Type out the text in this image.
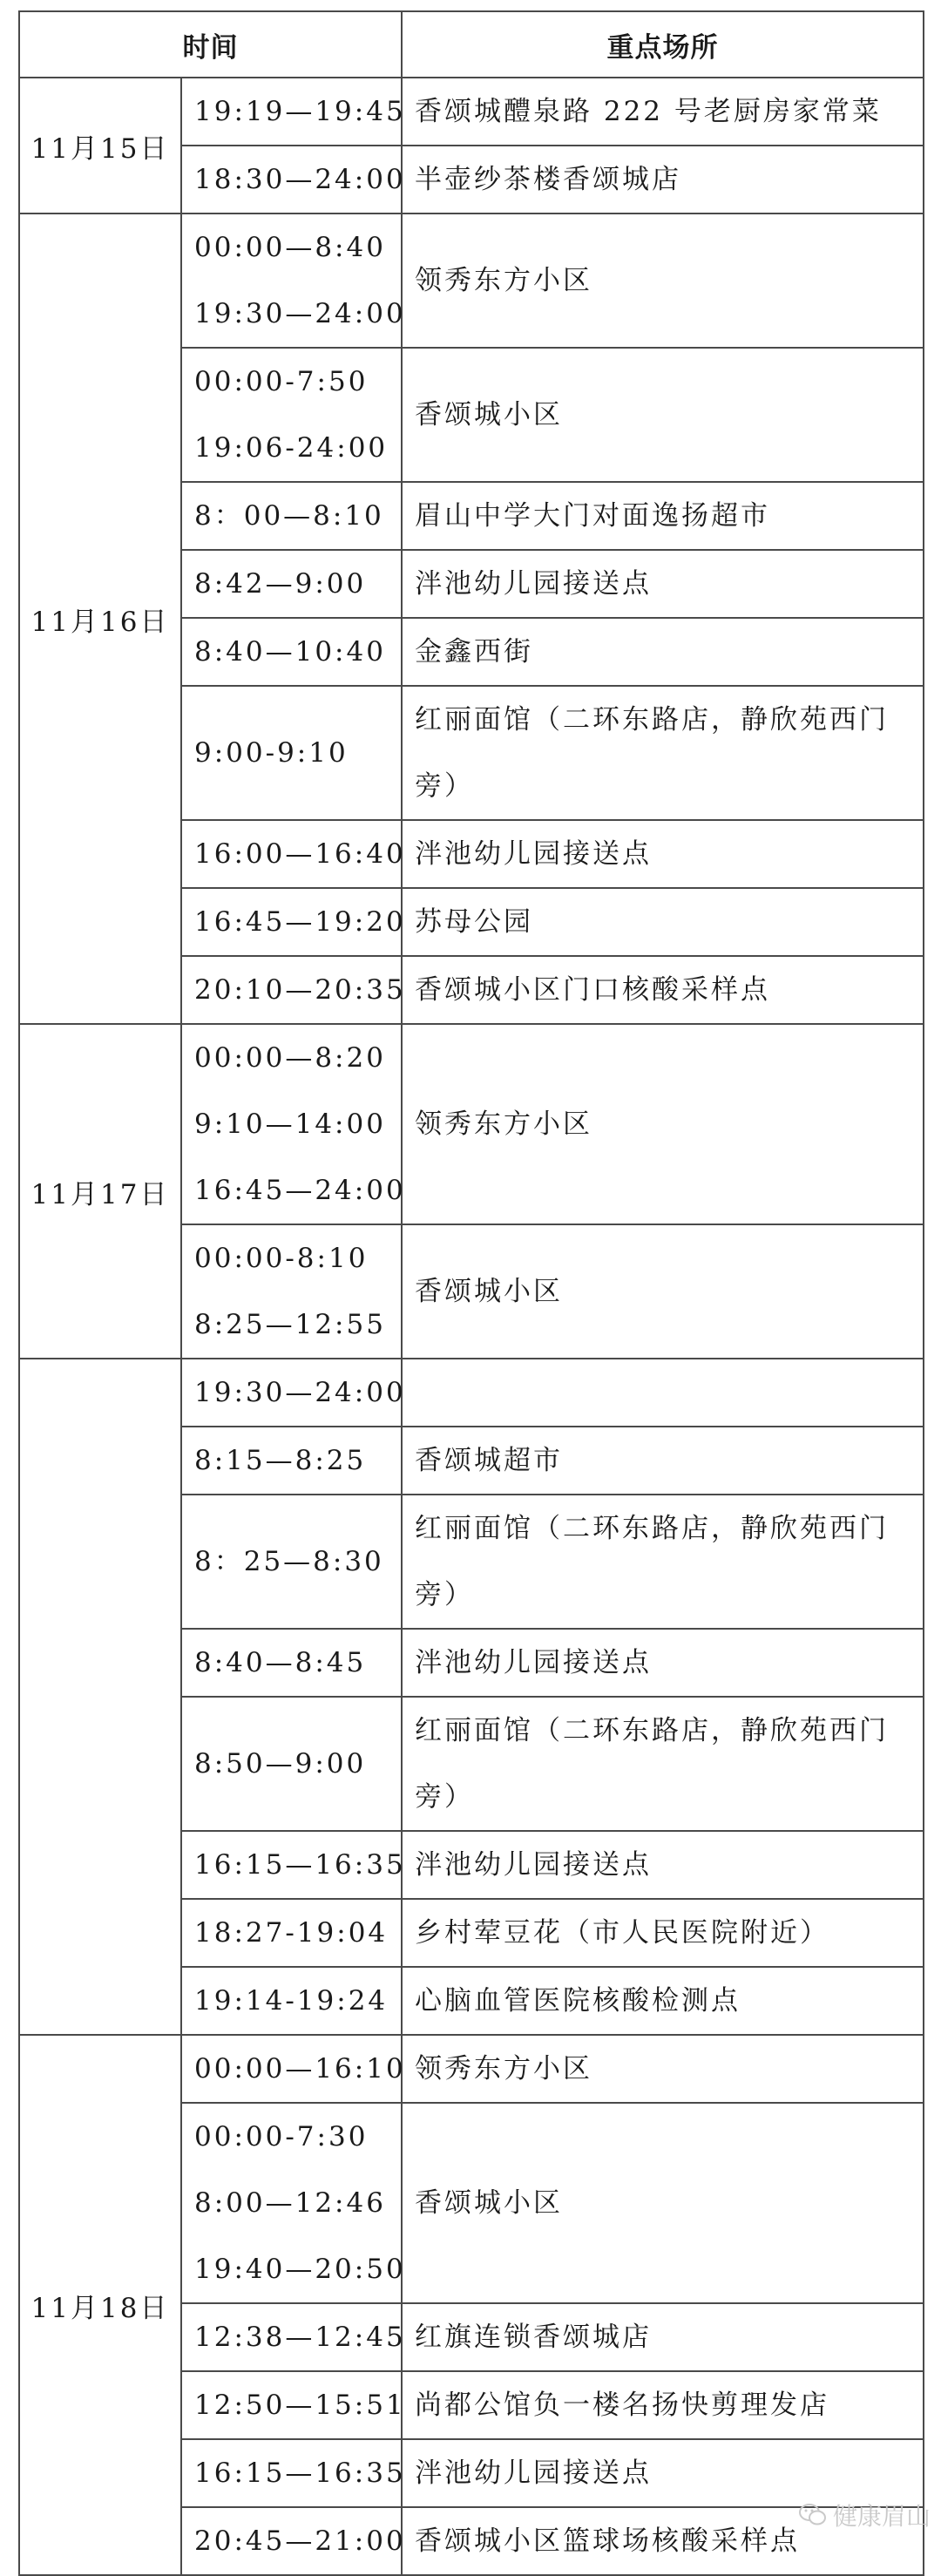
时间		重点场所
11月15日	19:19—19:45	香颂城醴泉路 222 号老厨房家常菜

	18:30—24:00	半壶纱茶楼香颂城店

11月16日	00:00—8:40
19:30—24:00	领秀东方小区

	00:00-7:50
19:06-24:00	香颂城小区

	8：00—8:10	眉山中学大门对面逸扬超市

	8:42—9:00	泮池幼儿园接送点

	8:40—10:40	金鑫西街

	9:00-9:10	红丽面馆（二环东路店，静欣苑西门
旁）

	16:00—16:40	泮池幼儿园接送点

	16:45—19:20	苏母公园

	20:10—20:35	香颂城小区门口核酸采样点

11月17日	00:00—8:20
9:10—14:00
16:45—24:00	领秀东方小区

	00:00-8:10
8:25—12:55	香颂城小区

	19:30—24:00	

	8:15—8:25	香颂城超市

	8：25—8:30	红丽面馆（二环东路店，静欣苑西门
旁）

	8:40—8:45	泮池幼儿园接送点

	8:50—9:00	红丽面馆（二环东路店，静欣苑西门
旁）

	16:15—16:35	泮池幼儿园接送点

	18:27-19:04	乡村荤豆花（市人民医院附近）

	19:14-19:24	心脑血管医院核酸检测点

11月18日	00:00—16:10	领秀东方小区

	00:00-7:30
8:00—12:46
19:40—20:50	香颂城小区

	12:38—12:45	红旗连锁香颂城店

	12:50—15:51	尚都公馆负一楼名扬快剪理发店

	16:15—16:35	泮池幼儿园接送点

	20:45—21:00	香颂城小区篮球场核酸采样点
健康眉山
